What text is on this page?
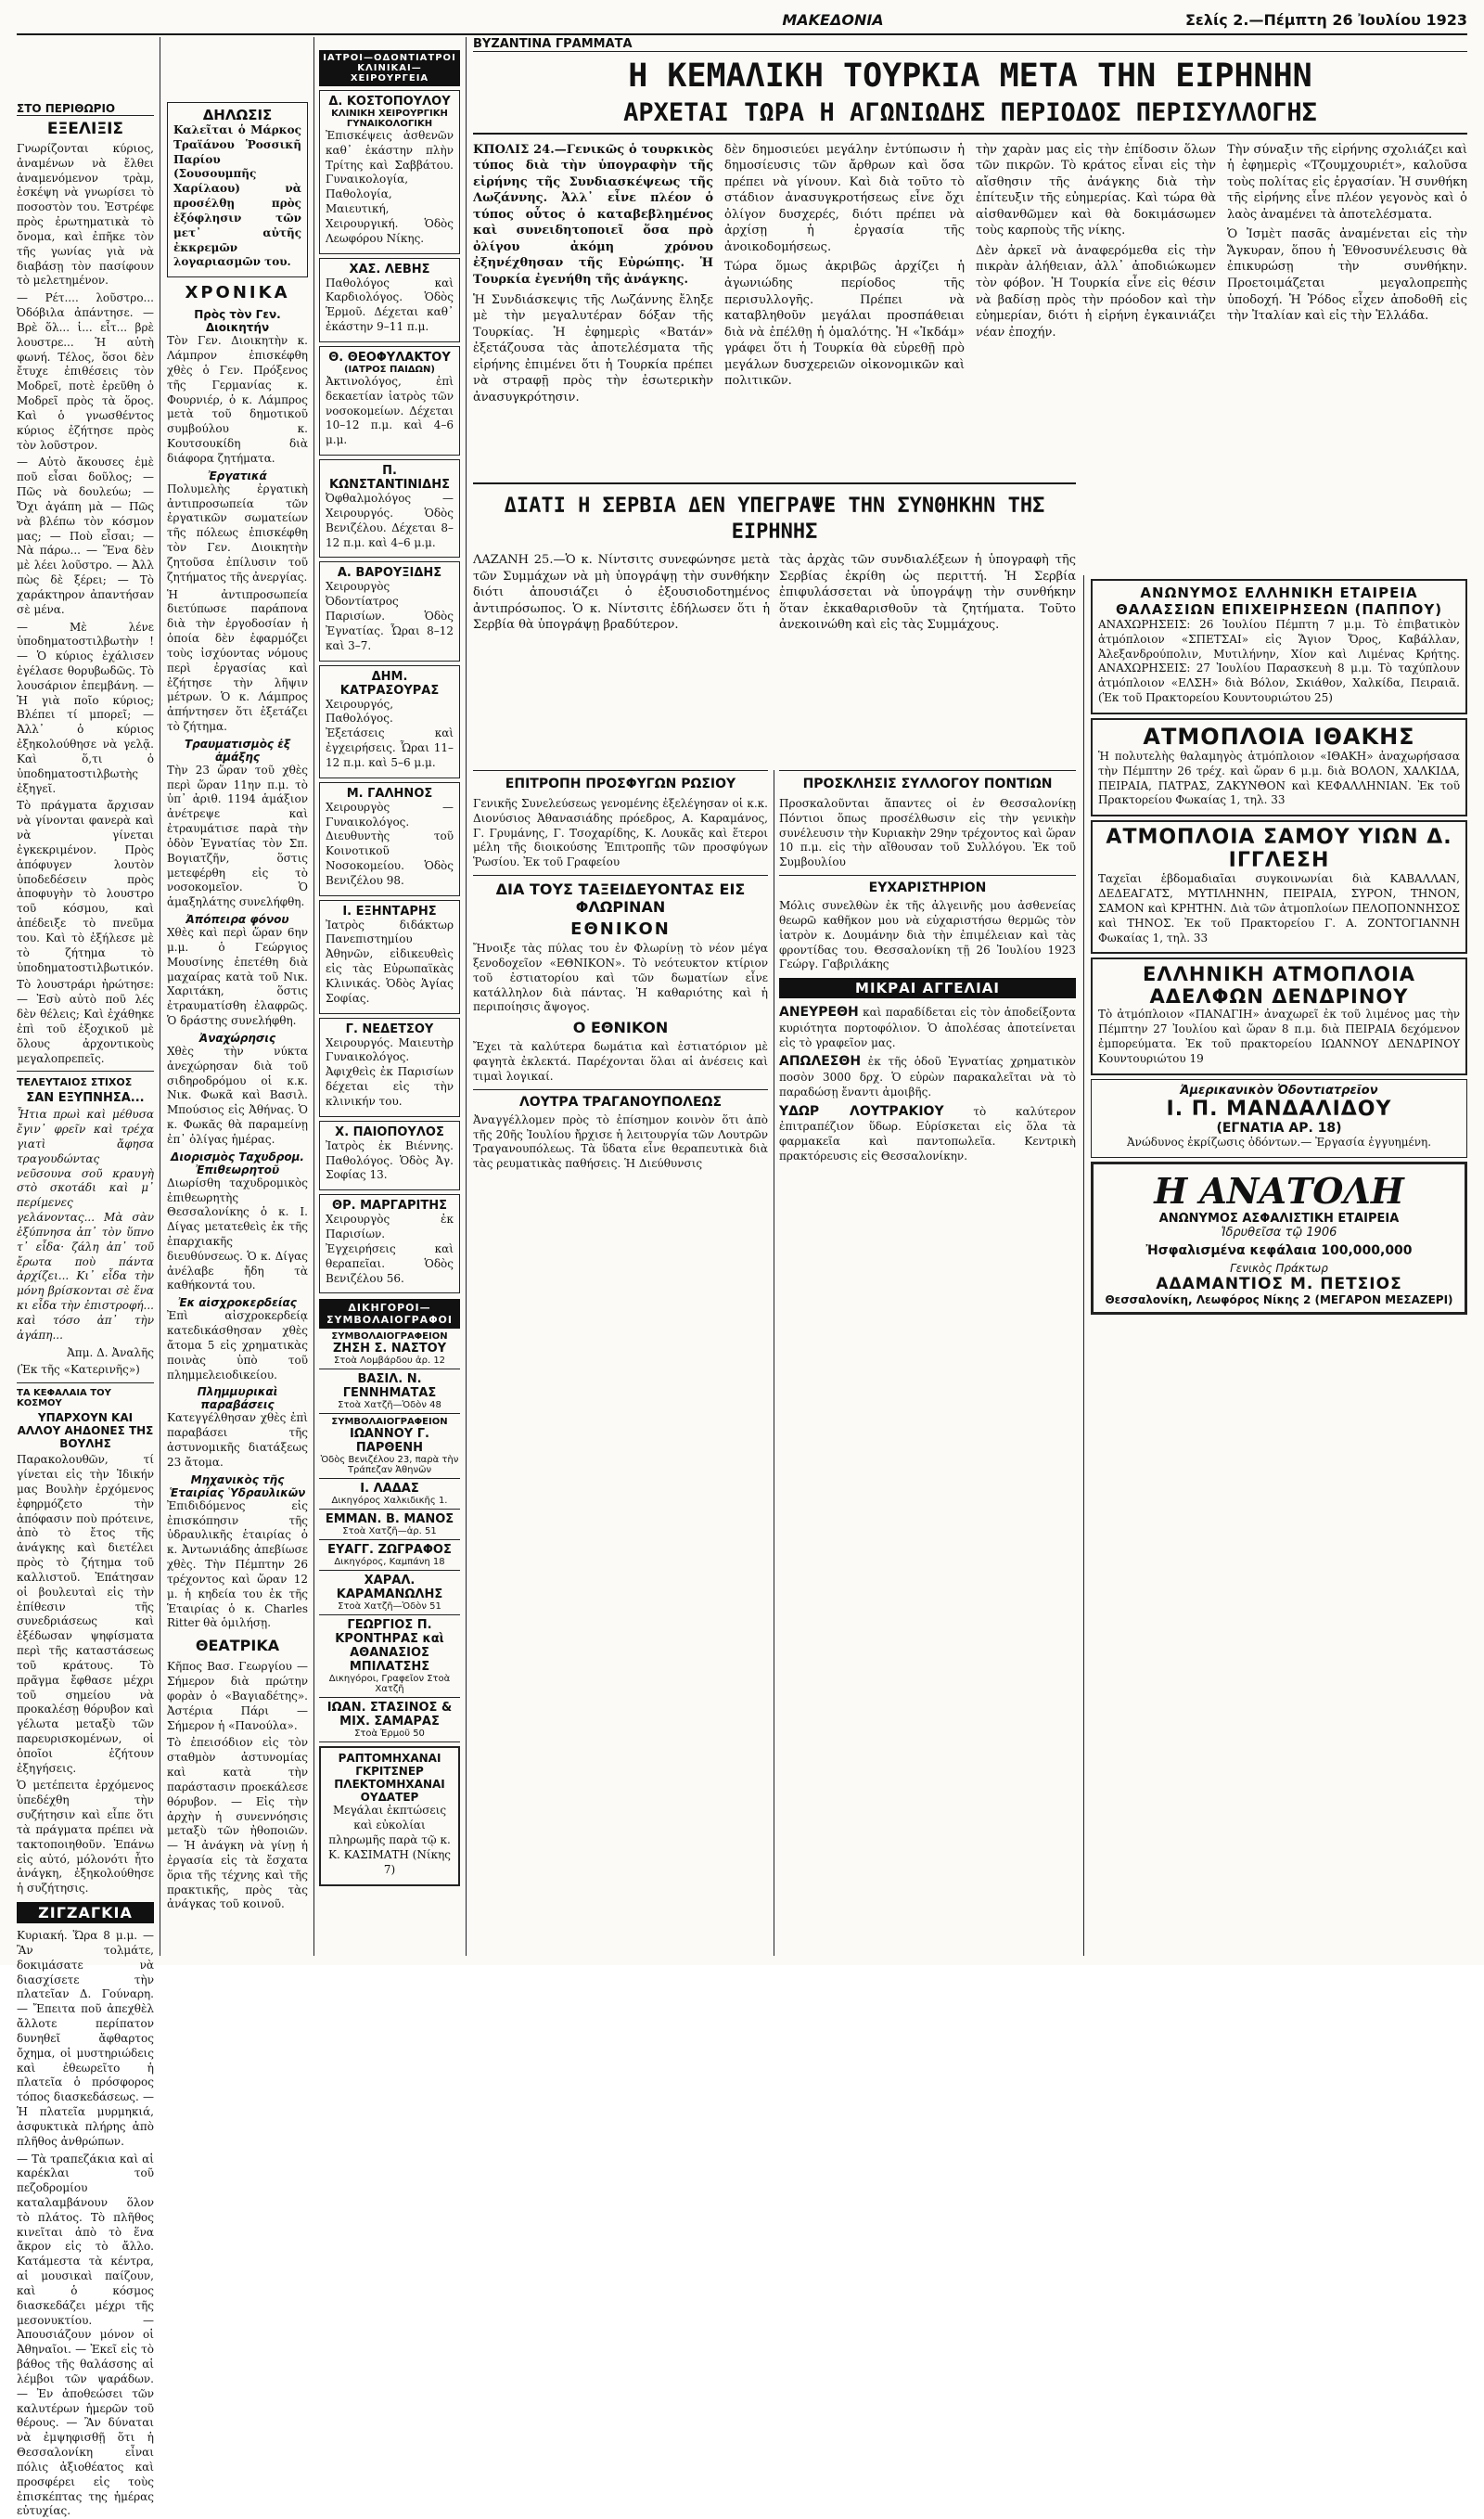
ΜΑΚΕΔΟΝΙΑ	Σελίς 2.—Πέμπτη 26 Ἰουλίου 1923
ΣΤΟ ΠΕΡΙΘΩΡΙΟ
ΕΞΕΛΙΞΙΣ

Γνωρίζονται κύριος, ἀναμένων νὰ ἔλθει ἀναμενόμενον τρὰμ, ἐσκέψη νὰ γνωρίσει τὸ ποσοστὸν του. Ἐστρέφε πρὸς ἐρωτηματικὰ τὸ ὄνομα, καὶ ἐπῆκε τὸν τῆς γωνίας γιὰ νὰ διαβάσῃ τὸν πασίφουν τὸ μελετημένον.

— Ρέτ.... λοῦστρο... Ὀδόβιλα ἀπάντησε. — Βρὲ ὅλ... ἱ... εἶτ... βρὲ λουστρε... Ἡ αὐτὴ φωνή. Τέλος, ὅσοι δὲν ἔτυχε ἐπιθέσεις τὸν Μοδρεῖ, ποτὲ ἐρεῦθη ὁ Μοδρεῖ πρὸς τὰ ὅρος. Καὶ ὁ γνωσθέντος κύριος ἐζήτησε πρὸς τὸν λοῦστρον.

— Αὐτὸ ἄκουσες ἐμὲ ποῦ εἶσαι δοῦλος; — Πῶς νὰ δουλεύω; — Ὄχι ἀγάπη μὰ — Πῶς νὰ βλέπω τὸν κόσμον μας; — Ποὺ εἶσαι; — Νὰ πάρω... — Ἕνα δὲν μὲ λέει λοῦστρο. — Ἀλλ πὼς δὲ ξέρει; — Τὸ χαράκτηρον ἀπαντήσαν σὲ μένα.

— Μὲ λένε ὑποδηματοστιλβωτὴν ! — Ὁ κύριος ἐχάλισεν ἐγέλασε θορυβωδῶς. Τὸ λουσάριον ἐπεμβάνη. — Ἡ γιὰ ποῖο κύριος; Βλέπει τί μπορεῖ; — Ἀλλ᾽ ὁ κύριος ἐξηκολούθησε νὰ γελᾷ. Καὶ ὅ,τι ὁ ὑποδηματοστιλβωτὴς ἐξηγεῖ.

Τὸ πράγματα ἄρχισαν νὰ γίνονται φανερὰ καὶ νὰ γίνεται ἐγκεκριμένον. Πρὸς ἀπόφυγεν λουτὸν ὑποδεδέσειν πρὸς ἀποφυγὴν τὸ λουστρο τοῦ κόσμου, καὶ ἀπέδειξε τὸ πνεῦμα του. Καὶ τὸ ἐξήλεσε μὲ τὸ ζήτημα τὸ ὑποδηματοστιλβωτικόν.

Τὸ λουστράρι ἠρώτησε: — Ἐσὺ αὐτὸ ποῦ λές δὲν θέλεις; Καὶ ἐχάθηκε ἐπὶ τοῦ ἐξοχικοῦ μὲ ὅλους ἀρχοντικοὺς μεγαλοπρεπεῖς.

ΤΕΛΕΥΤΑΙΟΣ ΣΤΙΧΟΣ
ΣΑΝ ΕΞΥΠΝΗΣΑ...

Ἦτια πρωὶ καὶ μέθυσα ἔγιν᾽ φρεῖν καὶ τρέχα γιατὶ ἄφησα τραγουδώντας νεῦσουνα σοῦ κραυγὴ στὸ σκοτάδι καὶ μ᾽ περίμενες γελάνοντας... Μὰ σὰν ἐξύπνησα ἀπ᾽ τὸν ὕπνο τ᾽ εἶδα· ζάλη ἀπ᾽ τοῦ ἔρωτα ποὺ πάντα ἀρχίζει... Κι᾽ εἶδα τὴν μόνη βρίσκονται σὲ ἕνα κι εἶδα τὴν ἐπιστροφή... καὶ τόσο ἀπ᾽ τὴν ἀγάπη...

Ἀπμ. Δ. Ἀναλῆς

(Ἐκ τῆς «Κατερινῆς»)

ΤΑ ΚΕΦΑΛΑΙΑ ΤΟΥ ΚΟΣΜΟΥ
ΥΠΑΡΧΟΥΝ ΚΑΙ ΑΛΛΟΥ ΑΗΔΟΝΕΣ ΤΗΣ ΒΟΥΛΗΣ

Παρακολουθῶν, τί γίνεται εἰς τὴν Ἰδικήν μας Βουλὴν ἐρχόμενος ἐφηρμόζετο τὴν ἀπόφασιν ποὺ πρότεινε, ἀπὸ τὸ ἔτος τῆς ἀνάγκης καὶ διετέλει πρὸς τὸ ζήτημα τοῦ καλλιστοῦ. Ἐπάτησαν οἱ βουλευταὶ εἰς τὴν ἐπίθεσιν τῆς συνεδριάσεως καὶ ἐξέδωσαν ψηφίσματα περὶ τῆς καταστάσεως τοῦ κράτους. Τὸ πρᾶγμα ἔφθασε μέχρι τοῦ σημείου νὰ προκαλέσῃ θόρυβον καὶ γέλωτα μεταξὺ τῶν παρευρισκομένων, οἱ ὁποῖοι ἐζήτουν ἐξηγήσεις.

Ὁ μετέπειτα ἐρχόμενος ὑπεδέχθη τὴν συζήτησιν καὶ εἶπε ὅτι τὰ πράγματα πρέπει νὰ τακτοποιηθοῦν. Ἐπάνω εἰς αὐτό, μόλονότι ἦτο ἀνάγκη, ἐξηκολούθησε ἡ συζήτησις.

ΖΙΓΖΑΓΚΙΑ

Κυριακή. Ὥρα 8 μ.μ. — Ἂν τολμάτε, δοκιμάσατε νὰ διασχίσετε τὴν πλατεῖαν Δ. Γούναρη. — Ἔπειτα ποῦ ἀπεχθὲλ ἄλλοτε περίπατον δυνηθεῖ ἄφθαρτος ὄχημα, οἱ μυστηριώδεις καὶ ἐθεωρεῖτο ἡ πλατεῖα ὁ πρόσφορος τόπος διασκεδάσεως. — Ἡ πλατεῖα μυρμηκιά, ἀσφυκτικὰ πλήρης ἀπὸ πλῆθος ἀνθρώπων.

— Τὰ τραπεζάκια καὶ αἱ καρέκλαι τοῦ πεζοδρομίου καταλαμβάνουν ὅλον τὸ πλάτος. Τὸ πλῆθος κινεῖται ἀπὸ τὸ ἕνα ἄκρον εἰς τὸ ἄλλο. Κατάμεστα τὰ κέντρα, αἱ μουσικαὶ παίζουν, καὶ ὁ κόσμος διασκεδάζει μέχρι τῆς μεσονυκτίου. — Ἀπουσιάζουν μόνον οἱ Ἀθηναῖοι. — Ἐκεῖ εἰς τὸ βάθος τῆς θαλάσσης αἱ λέμβοι τῶν ψαράδων. — Ἐν ἀποθεώσει τῶν καλυτέρων ἡμερῶν τοῦ θέρους. — Ἂν δύναται νὰ ἐμψηφισθῇ ὅτι ἡ Θεσσαλονίκη εἶναι πόλις ἀξιοθέατος καὶ προσφέρει εἰς τοὺς ἐπισκέπτας της ἡμέρας εὐτυχίας.

ΔΗΛΩΣΙΣ

Καλεῖται ὁ Μάρκος Τραϊάνου Ῥοσσικῆ Παρίου (Σουσουμπῆς Χαρίλαου) νὰ προσέλθῃ πρὸς ἐξόφλησιν τῶν μετ᾽ αὐτῆς ἐκκρεμῶν λογαριασμῶν του.

ΧΡΟΝΙΚΑ
Πρὸς τὸν Γεν. Διοικητήν

Τὸν Γεν. Διοικητὴν κ. Λάμπρον ἐπισκέφθη χθὲς ὁ Γεν. Πρόξενος τῆς Γερμανίας κ. Φουρνιέρ, ὁ κ. Λάμπρος μετὰ τοῦ δημοτικοῦ συμβούλου κ. Κουτσουκίδη διὰ διάφορα ζητήματα.

Ἐργατικά

Πολυμελὴς ἐργατικὴ ἀντιπροσωπεία τῶν ἐργατικῶν σωματείων τῆς πόλεως ἐπισκέφθη τὸν Γεν. Διοικητὴν ζητοῦσα ἐπίλυσιν τοῦ ζητήματος τῆς ἀνεργίας.

Ἡ ἀντιπροσωπεία διετύπωσε παράπονα διὰ τὴν ἐργοδοσίαν ἡ ὁποία δὲν ἐφαρμόζει τοὺς ἰσχύοντας νόμους περὶ ἐργασίας καὶ ἐζήτησε τὴν λῆψιν μέτρων. Ὁ κ. Λάμπρος ἀπήντησεν ὅτι ἐξετάζει τὸ ζήτημα.

Τραυματισμὸς ἐξ ἀμάξης

Τὴν 23 ὥραν τοῦ χθὲς περὶ ὥραν 11ην π.μ. τὸ ὑπ᾽ ἀριθ. 1194 ἁμάξιον ἀνέτρεψε καὶ ἐτραυμάτισε παρὰ τὴν ὁδὸν Ἐγνατίας τὸν Σπ. Βογιατζῆν, ὅστις μετεφέρθη εἰς τὸ νοσοκομεῖον. Ὁ ἁμαξηλάτης συνελήφθη.

Ἀπόπειρα φόνου

Χθὲς καὶ περὶ ὥραν 6ην μ.μ. ὁ Γεώργιος Μουσίνης ἐπετέθη διὰ μαχαίρας κατὰ τοῦ Νικ. Χαριτάκη, ὅστις ἐτραυματίσθη ἐλαφρῶς. Ὁ δράστης συνελήφθη.

Ἀναχώρησις

Χθὲς τὴν νύκτα ἀνεχώρησαν διὰ τοῦ σιδηροδρόμου οἱ κ.κ. Νικ. Φωκᾶ καὶ Βασιλ. Μπούσιος εἰς Ἀθήνας. Ὁ κ. Φωκᾶς θὰ παραμείνῃ ἐπ᾽ ὀλίγας ἡμέρας.

Διορισμὸς Ταχυδρομ. Ἐπιθεωρητοῦ

Διωρίσθη ταχυδρομικὸς ἐπιθεωρητὴς Θεσσαλονίκης ὁ κ. Ι. Δίγας μετατεθεὶς ἐκ τῆς ἐπαρχιακῆς διευθύνσεως. Ὁ κ. Δίγας ἀνέλαβε ἤδη τὰ καθήκοντά του.

Ἐκ αἰσχροκερδείας

Ἐπὶ αἰσχροκερδείᾳ κατεδικάσθησαν χθὲς ἄτομα 5 εἰς χρηματικὰς ποινὰς ὑπὸ τοῦ πλημμελειοδικείου.

Πλημμυρικαὶ παραβάσεις

Κατεγγέλθησαν χθὲς ἐπὶ παραβάσει τῆς ἀστυνομικῆς διατάξεως 23 ἄτομα.

Μηχανικὸς τῆς Ἑταιρίας Ὑδραυλικῶν

Ἐπιδιδόμενος εἰς ἐπισκόπησιν τῆς ὑδραυλικῆς ἑταιρίας ὁ κ. Ἀντωνιάδης ἀπεβίωσε χθὲς. Τὴν Πέμπτην 26 τρέχοντος καὶ ὥραν 12 μ. ἡ κηδεία του ἐκ τῆς Ἑταιρίας ὁ κ. Charles Ritter θὰ ὁμιλήσῃ.

ΘΕΑΤΡΙΚΑ

Κῆπος Βασ. Γεωργίου — Σήμερον διὰ πρώτην φορὰν ὁ «Βαγιαδέτης». Ἀστέρια Πάρι — Σήμερον ἡ «Πανούλα».

Τὸ ἐπεισόδιον εἰς τὸν σταθμὸν ἀστυνομίας καὶ κατὰ τὴν παράστασιν προεκάλεσε θόρυβον. — Εἰς τὴν ἀρχὴν ἡ συνεννόησις μεταξὺ τῶν ἠθοποιῶν. — Ἡ ἀνάγκη νὰ γίνῃ ἡ ἐργασία εἰς τὰ ἔσχατα ὅρια τῆς τέχνης καὶ τῆς πρακτικῆς, πρὸς τὰς ἀνάγκας τοῦ κοινοῦ.

ΙΑΤΡΟΙ—ΟΔΟΝΤΙΑΤΡΟΙ ΚΛΙΝΙΚΑΙ—ΧΕΙΡΟΥΡΓΕΙΑ
Δ. ΚΟΣΤΟΠΟΥΛΟΥ
ΚΛΙΝΙΚΗ ΧΕΙΡΟΥΡΓΙΚΗ ΓΥΝΑΙΚΟΛΟΓΙΚΗ

Ἐπισκέψεις ἀσθενῶν καθ᾽ ἑκάστην πλὴν Τρίτης καὶ Σαββάτου. Γυναικολογία, Παθολογία, Μαιευτική, Χειρουργική. Ὁδὸς Λεωφόρου Νίκης.

ΧΑΣ. ΛΕΒΗΣ

Παθολόγος καὶ Καρδιολόγος. Ὁδὸς Ἑρμοῦ. Δέχεται καθ᾽ ἑκάστην 9–11 π.μ.

Θ. ΘΕΟΦΥΛΑΚΤΟΥ
(ΙΑΤΡΟΣ ΠΑΙΔΩΝ)

Ἀκτινολόγος, ἐπὶ δεκαετίαν ἰατρὸς τῶν νοσοκομείων. Δέχεται 10–12 π.μ. καὶ 4–6 μ.μ.

Π. ΚΩΝΣΤΑΝΤΙΝΙΔΗΣ

Ὀφθαλμολόγος — Χειρουργός. Ὁδὸς Βενιζέλου. Δέχεται 8–12 π.μ. καὶ 4–6 μ.μ.

Α. ΒΑΡΟΥΞΙΔΗΣ

Χειρουργὸς Ὀδοντίατρος Παρισίων. Ὁδὸς Ἐγνατίας. Ὧραι 8–12 καὶ 3–7.

ΔΗΜ. ΚΑΤΡΑΣΟΥΡΑΣ

Χειρουργός, Παθολόγος. Ἐξετάσεις καὶ ἐγχειρήσεις. Ὧραι 11–12 π.μ. καὶ 5–6 μ.μ.

Μ. ΓΑΛΗΝΟΣ

Χειρουργὸς — Γυναικολόγος. Διευθυντὴς τοῦ Κοινοτικοῦ Νοσοκομείου. Ὁδὸς Βενιζέλου 98.

Ι. ΕΞΗΝΤΑΡΗΣ

Ἰατρὸς διδάκτωρ Πανεπιστημίου Ἀθηνῶν, εἰδικευθεὶς εἰς τὰς Εὐρωπαϊκὰς Κλινικάς. Ὁδὸς Ἁγίας Σοφίας.

Γ. ΝΕΔΕΤΣΟΥ

Χειρουργός. Μαιευτὴρ Γυναικολόγος. Ἀφιχθεὶς ἐκ Παρισίων δέχεται εἰς τὴν κλινικήν του.

Χ. ΠΑΙΟΠΟΥΛΟΣ

Ἰατρὸς ἐκ Βιέννης. Παθολόγος. Ὁδὸς Ἀγ. Σοφίας 13.

ΘΡ. ΜΑΡΓΑΡΙΤΗΣ

Χειρουργὸς ἐκ Παρισίων. Ἐγχειρήσεις καὶ θεραπεῖαι. Ὁδὸς Βενιζέλου 56.

ΔΙΚΗΓΟΡΟΙ—ΣΥΜΒΟΛΑΙΟΓΡΑΦΟΙ
ΣΥΜΒΟΛΑΙΟΓΡΑΦΕΙΟΝ
ΖΗΣΗ Σ. ΝΑΣΤΟΥ
Στοὰ Λομβάρδου ἀρ. 12
ΒΑΣΙΛ. Ν. ΓΕΝΝΗΜΑΤΑΣ
Στοὰ Χατζῆ—Ὁδὸν 48
ΣΥΜΒΟΛΑΙΟΓΡΑΦΕΙΟΝ
ΙΩΑΝΝΟΥ Γ. ΠΑΡΘΕΝΗ
Ὁδὸς Βενιζέλου 23, παρὰ τὴν Τράπεζαν Ἀθηνῶν
Ι. ΛΑΔΑΣ
Δικηγόρος Χαλκιδικῆς 1.
ΕΜΜΑΝ. Β. ΜΑΝΟΣ
Στοὰ Χατζῆ—ἀρ. 51
ΕΥΑΓΓ. ΖΩΓΡΑΦΟΣ
Δικηγόρος, Καμπάνη 18
ΧΑΡΑΛ. ΚΑΡΑΜΑΝΩΛΗΣ
Στοὰ Χατζῆ—Ὁδὸν 51
ΓΕΩΡΓΙΟΣ Π. ΚΡΟΝΤΗΡΑΣ καὶ ΑΘΑΝΑΣΙΟΣ ΜΠΙΛΑΤΣΗΣ
Δικηγόροι, Γραφεῖον Στοὰ Χατζῆ
ΙΩΑΝ. ΣΤΑΣΙΝΟΣ & ΜΙΧ. ΣΑΜΑΡΑΣ
Στοὰ Ἑρμοῦ 50
ΡΑΠΤΟΜΗΧΑΝΑΙ ΓΚΡΙΤΣΝΕΡ ΠΛΕΚΤΟΜΗΧΑΝΑΙ ΟΥΔΑΤΕΡ

Μεγάλαι ἐκπτώσεις καὶ εὐκολίαι πληρωμῆς παρὰ τῷ κ. Κ. ΚΑΣΙΜΑΤΗ (Νίκης 7)

ΒΥΖΑΝΤΙΝΑ ΓΡΑΜΜΑΤΑ
Η ΚΕΜΑΛΙΚΗ ΤΟΥΡΚΙΑ ΜΕΤΑ ΤΗΝ ΕΙΡΗΝΗΝ
ΑΡΧΕΤΑΙ ΤΩΡΑ Η ΑΓΩΝΙΩΔΗΣ ΠΕΡΙΟΔΟΣ ΠΕΡΙΣΥΛΛΟΓΗΣ

ΚΠΟΛΙΣ 24.—Γενικῶς ὁ τουρκικὸς τύπος διὰ τὴν ὑπογραφὴν τῆς εἰρήνης τῆς Συνδιασκέψεως τῆς Λωζάννης. Ἀλλ᾽ εἶνε πλέον ὁ τύπος οὗτος ὁ καταβεβλημένος καὶ συνειδητοποιεῖ ὅσα πρὸ ὀλίγου ἀκόμη χρόνου ἐξηνέχθησαν τῆς Εὐρώπης. Ἡ Τουρκία ἐγενήθη τῆς ἀνάγκης.

Ἡ Συνδιάσκεψις τῆς Λωζάννης ἔληξε μὲ τὴν μεγαλυτέραν δόξαν τῆς Τουρκίας. Ἡ ἐφημερὶς «Βατάν» ἐξετάζουσα τὰς ἀποτελέσματα τῆς εἰρήνης ἐπιμένει ὅτι ἡ Τουρκία πρέπει νὰ στραφῇ πρὸς τὴν ἐσωτερικὴν ἀνασυγκρότησιν.

δὲν δημοσιεύει μεγάλην ἐντύπωσιν ἡ δημοσίευσις τῶν ἄρθρων καὶ ὅσα πρέπει νὰ γίνουν. Καὶ διὰ τοῦτο τὸ στάδιον ἀνασυγκροτήσεως εἶνε ὄχι ὀλίγον δυσχερές, διότι πρέπει νὰ ἀρχίσῃ ἡ ἐργασία τῆς ἀνοικοδομήσεως.

Τώρα ὅμως ἀκριβῶς ἀρχίζει ἡ ἀγωνιώδης περίοδος τῆς περισυλλογῆς. Πρέπει νὰ καταβληθοῦν μεγάλαι προσπάθειαι διὰ νὰ ἐπέλθῃ ἡ ὁμαλότης. Ἡ «Ἰκδάμ» γράφει ὅτι ἡ Τουρκία θὰ εὑρεθῇ πρὸ μεγάλων δυσχερειῶν οἰκονομικῶν καὶ πολιτικῶν.

τὴν χαρὰν μας εἰς τὴν ἐπίδοσιν ὅλων τῶν πικρῶν. Τὸ κράτος εἶναι εἰς τὴν αἴσθησιν τῆς ἀνάγκης διὰ τὴν ἐπίτευξιν τῆς εὐημερίας. Καὶ τώρα θὰ αἰσθανθῶμεν καὶ θὰ δοκιμάσωμεν τοὺς καρποὺς τῆς νίκης.

Δὲν ἀρκεῖ νὰ ἀναφερόμεθα εἰς τὴν πικρὰν ἀλήθειαν, ἀλλ᾽ ἀποδιώκωμεν τὸν φόβον. Ἡ Τουρκία εἶνε εἰς θέσιν νὰ βαδίσῃ πρὸς τὴν πρόοδον καὶ τὴν εὐημερίαν, διότι ἡ εἰρήνη ἐγκαινιάζει νέαν ἐποχήν.

Τὴν σύναξιν τῆς εἰρήνης σχολιάζει καὶ ἡ ἐφημερὶς «Τζουμχουριέτ», καλοῦσα τοὺς πολίτας εἰς ἐργασίαν. Ἡ συνθήκη τῆς εἰρήνης εἶνε πλέον γεγονὸς καὶ ὁ λαὸς ἀναμένει τὰ ἀποτελέσματα.

Ὁ Ἰσμὲτ πασᾶς ἀναμένεται εἰς τὴν Ἄγκυραν, ὅπου ἡ Ἐθνοσυνέλευσις θὰ ἐπικυρώσῃ τὴν συνθήκην. Προετοιμάζεται μεγαλοπρεπὴς ὑποδοχή. Ἡ Ῥόδος εἶχεν ἀποδοθῆ εἰς τὴν Ἰταλίαν καὶ εἰς τὴν Ἑλλάδα.

ΔΙΑΤΙ Η ΣΕΡΒΙΑ ΔΕΝ ΥΠΕΓΡΑΨΕ ΤΗΝ ΣΥΝΘΗΚΗΝ ΤΗΣ ΕΙΡΗΝΗΣ

ΛΑΖΑΝΗ 25.—Ὁ κ. Νίντσιτς συνεφώνησε μετὰ τῶν Συμμάχων νὰ μὴ ὑπογράψῃ τὴν συνθήκην διότι ἀπουσιάζει ὁ ἐξουσιοδοτημένος ἀντιπρόσωπος. Ὁ κ. Νίντσιτς ἐδήλωσεν ὅτι ἡ Σερβία θὰ ὑπογράψῃ βραδύτερον.

τὰς ἀρχὰς τῶν συνδιαλέξεων ἡ ὑπογραφὴ τῆς Σερβίας ἐκρίθη ὡς περιττή. Ἡ Σερβία ἐπιφυλάσσεται νὰ ὑπογράψῃ τὴν συνθήκην ὅταν ἐκκαθαρισθοῦν τὰ ζητήματα. Τοῦτο ἀνεκοινώθη καὶ εἰς τὰς Συμμάχους.

ΕΠΙΤΡΟΠΗ ΠΡΟΣΦΥΓΩΝ ΡΩΣΙΟΥ

Γενικῆς Συνελεύσεως γενομένης ἐξελέγησαν οἱ κ.κ. Διονύσιος Ἀθανασιάδης πρόεδρος, Α. Καραμάνος, Γ. Γρυμάνης, Γ. Τσοχαρίδης, Κ. Λουκᾶς καὶ ἕτεροι μέλη τῆς διοικούσης Ἐπιτροπῆς τῶν προσφύγων Ῥωσίου. Ἐκ τοῦ Γραφείου

ΔΙΑ ΤΟΥΣ ΤΑΞΕΙΔΕΥΟΝΤΑΣ ΕΙΣ ΦΛΩΡΙΝΑΝ
ΕΘΝΙΚΟΝ

Ἤνοιξε τὰς πύλας του ἐν Φλωρίνῃ τὸ νέον μέγα ξενοδοχεῖον «ΕΘΝΙΚΟΝ». Τὸ νεότευκτον κτίριον τοῦ ἐστιατορίου καὶ τῶν δωματίων εἶνε κατάλληλον διὰ πάντας. Ἡ καθαριότης καὶ ἡ περιποίησις ἄψογος.

Ο ΕΘΝΙΚΟΝ

Ἔχει τὰ καλύτερα δωμάτια καὶ ἐστιατόριον μὲ φαγητὰ ἐκλεκτά. Παρέχονται ὅλαι αἱ ἀνέσεις καὶ τιμαὶ λογικαί.

ΛΟΥΤΡΑ ΤΡΑΓΑΝΟΥΠΟΛΕΩΣ

Ἀναγγέλλομεν πρὸς τὸ ἐπίσημον κοινὸν ὅτι ἀπὸ τῆς 20ῆς Ἰουλίου ἤρχισε ἡ λειτουργία τῶν Λουτρῶν Τραγανουπόλεως. Τὰ ὕδατα εἶνε θεραπευτικὰ διὰ τὰς ρευματικὰς παθήσεις. Ἡ Διεύθυνσις

ΠΡΟΣΚΛΗΣΙΣ ΣΥΛΛΟΓΟΥ ΠΟΝΤΙΩΝ

Προσκαλοῦνται ἅπαντες οἱ ἐν Θεσσαλονίκῃ Πόντιοι ὅπως προσέλθωσιν εἰς τὴν γενικὴν συνέλευσιν τὴν Κυριακὴν 29ην τρέχοντος καὶ ὥραν 10 π.μ. εἰς τὴν αἴθουσαν τοῦ Συλλόγου. Ἐκ τοῦ Συμβουλίου

ΕΥΧΑΡΙΣΤΗΡΙΟΝ

Μόλις συνελθὼν ἐκ τῆς ἀλγεινῆς μου ἀσθενείας θεωρῶ καθῆκον μου νὰ εὐχαριστήσω θερμῶς τὸν ἰατρὸν κ. Δουμάνην διὰ τὴν ἐπιμέλειαν καὶ τὰς φροντίδας του. Θεσσαλονίκη τῇ 26 Ἰουλίου 1923 Γεώργ. Γαβριλάκης

ΜΙΚΡΑΙ ΑΓΓΕΛΙΑΙ

ΑΝΕΥΡΕΘΗ καὶ παραδίδεται εἰς τὸν ἀποδείξοντα κυριότητα πορτοφόλιον. Ὁ ἀπολέσας ἀποτείνεται εἰς τὸ γραφεῖον μας.

ΑΠΩΛΕΣΘΗ ἐκ τῆς ὁδοῦ Ἐγνατίας χρηματικὸν ποσὸν 3000 δρχ. Ὁ εὑρὼν παρακαλεῖται νὰ τὸ παραδώσῃ ἔναντι ἀμοιβῆς.

ΥΔΩΡ ΛΟΥΤΡΑΚΙΟΥ	τὸ καλύτερον ἐπιτραπέζιον ὕδωρ. Εὑρίσκεται εἰς ὅλα τὰ φαρμακεῖα καὶ παντοπωλεῖα. Κεντρικὴ πρακτόρευσις εἰς Θεσσαλονίκην.

ΑΝΩΝΥΜΟΣ ΕΛΛΗΝΙΚΗ ΕΤΑΙΡΕΙΑ ΘΑΛΑΣΣΙΩΝ ΕΠΙΧΕΙΡΗΣΕΩΝ (ΠΑΠΠΟΥ)

ΑΝΑΧΩΡΗΣΕΙΣ: 26 Ἰουλίου Πέμπτη 7 μ.μ. Τὸ ἐπιβατικὸν ἀτμόπλοιον «ΣΠΕΤΣΑΙ» εἰς Ἅγιον Ὄρος, Καβάλλαν, Ἀλεξανδρούπολιν, Μυτιλήνην, Χίον καὶ Λιμένας Κρήτης. ΑΝΑΧΩΡΗΣΕΙΣ: 27 Ἰουλίου Παρασκευὴ 8 μ.μ. Τὸ ταχύπλουν ἀτμόπλοιον «ΕΛΣΗ» διὰ Βόλον, Σκιάθον, Χαλκίδα, Πειραιᾶ. (Ἐκ τοῦ Πρακτορείου Κουντουριώτου 25)

ΑΤΜΟΠΛΟΙΑ ΙΘΑΚΗΣ

Ἡ πολυτελὴς θαλαμηγὸς ἀτμόπλοιον «ΙΘΑΚΗ» ἀναχωρήσασα τὴν Πέμπτην 26 τρέχ. καὶ ὥραν 6 μ.μ. διὰ ΒΟΛΟΝ, ΧΑΛΚΙΔΑ, ΠΕΙΡΑΙΑ, ΠΑΤΡΑΣ, ΖΑΚΥΝΘΟΝ καὶ ΚΕΦΑΛΛΗΝΙΑΝ. Ἐκ τοῦ Πρακτορείου Φωκαίας 1, τηλ. 33

ΑΤΜΟΠΛΟΙΑ ΣΑΜΟΥ ΥΙΩΝ Δ. ΙΓΓΛΕΣΗ

Ταχεῖαι ἑβδομαδιαῖαι συγκοινωνίαι διὰ ΚΑΒΑΛΛΑΝ, ΔΕΔΕΑΓΑΤΣ, ΜΥΤΙΛΗΝΗΝ, ΠΕΙΡΑΙΑ, ΣΥΡΟΝ, ΤΗΝΟΝ, ΣΑΜΟΝ καὶ ΚΡΗΤΗΝ. Διὰ τῶν ἀτμοπλοίων ΠΕΛΟΠΟΝΝΗΣΟΣ καὶ ΤΗΝΟΣ. Ἐκ τοῦ Πρακτορείου Γ. Α. ΖΟΝΤΟΓΙΑΝΝΗ Φωκαίας 1, τηλ. 33

ΕΛΛΗΝΙΚΗ ΑΤΜΟΠΛΟΙΑ ΑΔΕΛΦΩΝ ΔΕΝΔΡΙΝΟΥ

Τὸ ἀτμόπλοιον «ΠΑΝΑΓΙΗ» ἀναχωρεῖ ἐκ τοῦ λιμένος μας τὴν Πέμπτην 27 Ἰουλίου καὶ ὥραν 8 π.μ. διὰ ΠΕΙΡΑΙΑ δεχόμενον ἐμπορεύματα. Ἐκ τοῦ πρακτορείου ΙΩΑΝΝΟΥ ΔΕΝΔΡΙΝΟΥ Κουντουριώτου 19

Ἀμερικανικὸν Ὀδοντιατρεῖον
Ι. Π. ΜΑΝΔΑΛΙΔΟΥ
(ΕΓΝΑΤΙΑ ΑΡ. 18)

Ἀνώδυνος ἐκρίζωσις ὀδόντων.— Ἐργασία ἐγγυημένη.

Η ΑΝΑΤΟΛΗ
ΑΝΩΝΥΜΟΣ ΑΣΦΑΛΙΣΤΙΚΗ ΕΤΑΙΡΕΙΑ
Ἱδρυθεῖσα τῷ 1906
Ἠσφαλισμένα κεφάλαια 100,000,000
Γενικὸς Πράκτωρ
ΑΔΑΜΑΝΤΙΟΣ Μ. ΠΕΤΣΙΟΣ
Θεσσαλονίκη, Λεωφόρος Νίκης 2 (ΜΕΓΑΡΟΝ ΜΕΣΑΖΕΡΙ)
